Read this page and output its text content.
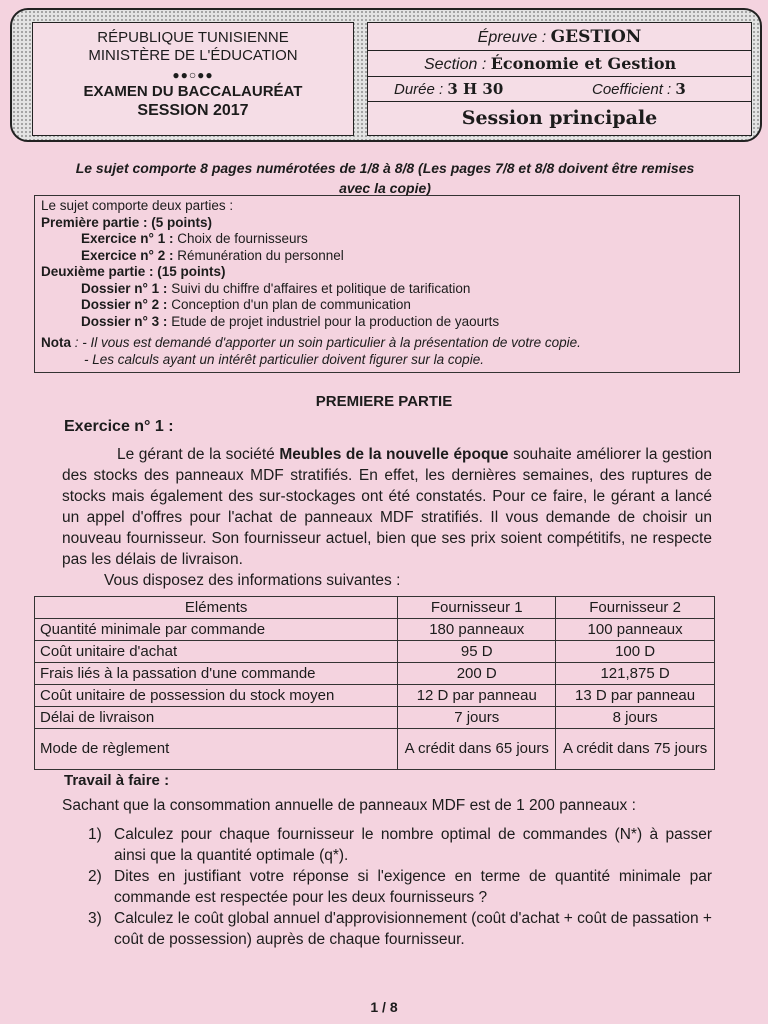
RÉPUBLIQUE TUNISIENNE
MINISTÈRE DE L'ÉDUCATION
●●○●●
EXAMEN DU BACCALAURÉAT
SESSION 2017
Épreuve : GESTION
Section : Économie et Gestion
Durée : 3 H 30	Coefficient : 3
Session principale
Le sujet comporte 8 pages numérotées de 1/8 à 8/8 (Les pages 7/8 et 8/8 doivent être remises avec la copie)
Le sujet comporte deux parties :
Première partie : (5 points)
Exercice n° 1 : Choix de fournisseurs
Exercice n° 2 : Rémunération du personnel
Deuxième partie : (15 points)
Dossier n° 1 : Suivi du chiffre d'affaires et politique de tarification
Dossier n° 2 : Conception d'un plan de communication
Dossier n° 3 : Etude de projet industriel pour la production de yaourts
Nota : - Il vous est demandé d'apporter un soin particulier à la présentation de votre copie.
- Les calculs ayant un intérêt particulier doivent figurer sur la copie.
PREMIERE PARTIE
Exercice n° 1 :
Le gérant de la société Meubles de la nouvelle époque souhaite améliorer la gestion des stocks des panneaux MDF stratifiés. En effet, les dernières semaines, des ruptures de stocks mais également des sur-stockages ont été constatés. Pour ce faire, le gérant a lancé un appel d'offres pour l'achat de panneaux MDF stratifiés. Il vous demande de choisir un nouveau fournisseur. Son fournisseur actuel, bien que ses prix soient compétitifs, ne respecte pas les délais de livraison.
Vous disposez des informations suivantes :
Eléments	Fournisseur 1	Fournisseur 2
Quantité minimale par commande	180 panneaux	100 panneaux
Coût unitaire d'achat	95 D	100 D
Frais liés à la passation d'une commande	200 D	121,875 D
Coût unitaire de possession du stock moyen	12 D par panneau	13 D par panneau
Délai de livraison	7 jours	8 jours
Mode de règlement	A crédit dans 65 jours	A crédit dans 75 jours
Travail à faire :
Sachant que la consommation annuelle de panneaux MDF est de 1 200 panneaux :
1) Calculez pour chaque fournisseur le nombre optimal de commandes (N*) à passer ainsi que la quantité optimale (q*).
2) Dites en justifiant votre réponse si l'exigence en terme de quantité minimale par commande est respectée pour les deux fournisseurs ?
3) Calculez le coût global annuel d'approvisionnement (coût d'achat + coût de passation + coût de possession) auprès de chaque fournisseur.
1 / 8
